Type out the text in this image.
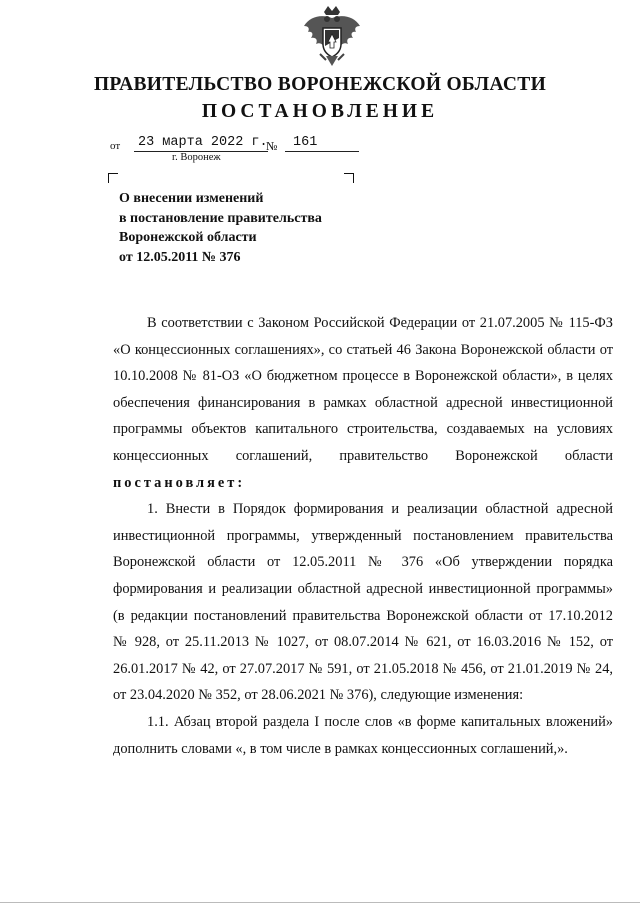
ПРАВИТЕЛЬСТВО ВОРОНЕЖСКОЙ ОБЛАСТИ
ПОСТАНОВЛЕНИЕ
от 23 марта 2022 г.
№	161
г. Воронеж
О внесении изменений
в постановление правительства
Воронежской области
от 12.05.2011 № 376

В соответствии с Законом Российской Федерации от 21.07.2005 № 115-ФЗ «О концессионных соглашениях», со статьей 46 Закона Воронежской области от 10.10.2008 № 81-ОЗ «О бюджетном процессе в Воронежской области», в целях обеспечения финансирования в рамках областной адресной инвестиционной программы объектов капитального строительства, создаваемых на условиях концессионных соглашений, правительство Воронежской области постановляет:

1. Внести в Порядок формирования и реализации областной адресной инвестиционной программы, утвержденный постановлением правительства Воронежской области от 12.05.2011 № 376 «Об утверждении порядка формирования и реализации областной адресной инвестиционной программы» (в редакции постановлений правительства Воронежской области от 17.10.2012 № 928, от 25.11.2013 № 1027, от 08.07.2014 № 621, от 16.03.2016 № 152, от 26.01.2017 № 42, от 27.07.2017 № 591, от 21.05.2018 № 456, от 21.01.2019 № 24, от 23.04.2020 № 352, от 28.06.2021 № 376), следующие изменения:

1.1. Абзац второй раздела I после слов «в форме капитальных вложений» дополнить словами «, в том числе в рамках концессионных соглашений,».
